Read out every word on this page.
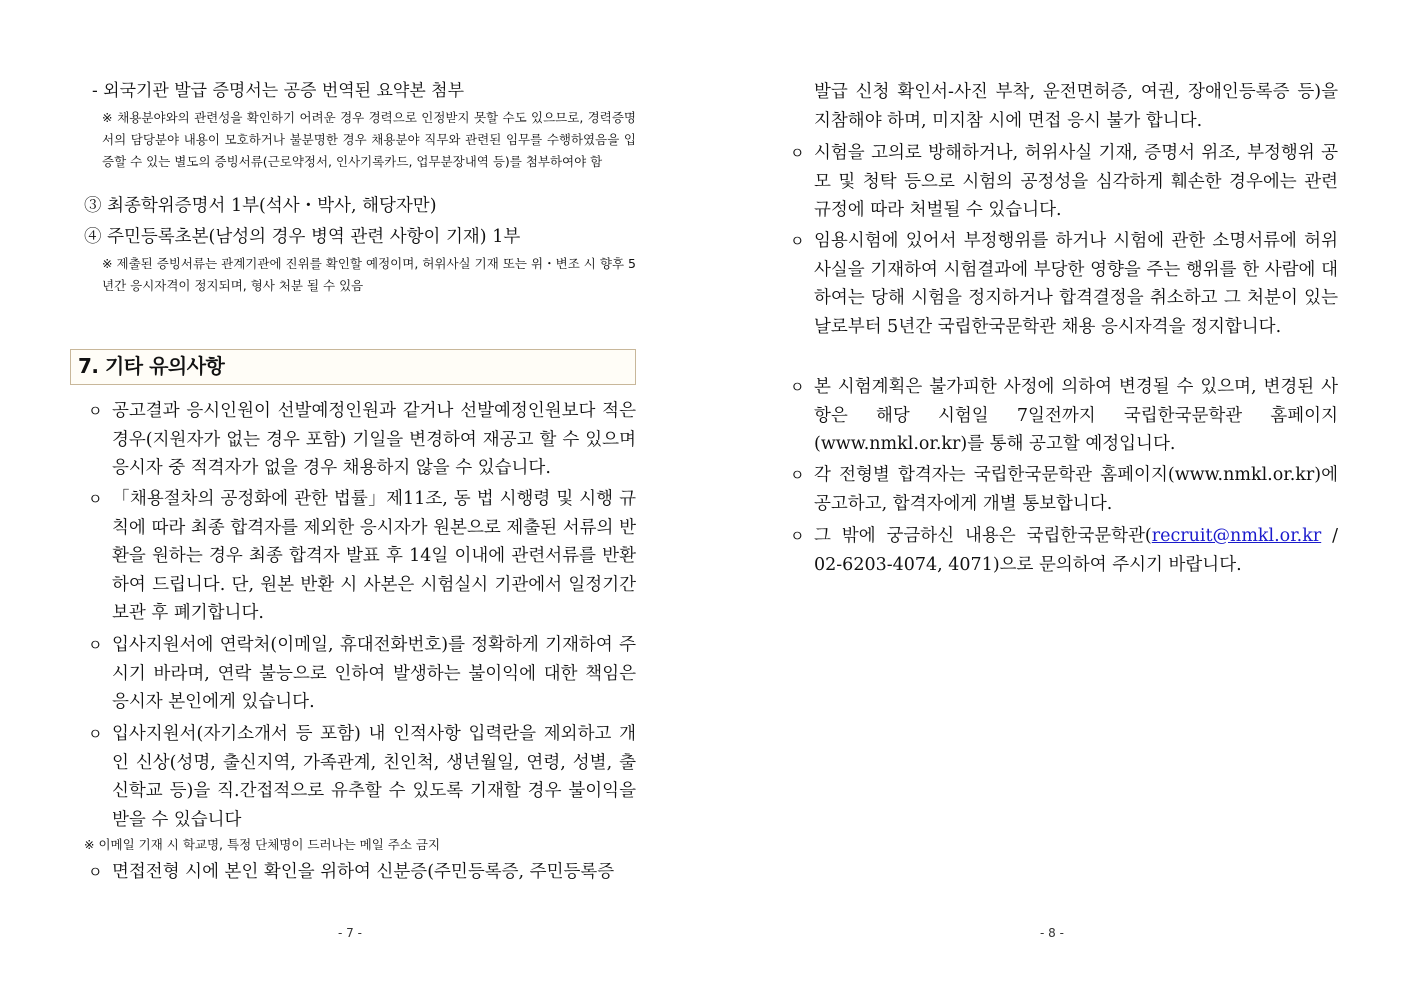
- 외국기관 발급 증명서는 공증 번역된 요약본 첨부
※ 채용분야와의 관련성을 확인하기 어려운 경우 경력으로 인정받지 못할 수도 있으므로, 경력증명서의 담당분야 내용이 모호하거나 불분명한 경우 채용분야 직무와 관련된 임무를 수행하였음을 입증할 수 있는 별도의 증빙서류(근로약정서, 인사기록카드, 업무분장내역 등)를 첨부하여야 함
③ 최종학위증명서 1부(석사・박사, 해당자만)
④ 주민등록초본(남성의 경우 병역 관련 사항이 기재) 1부
※ 제출된 증빙서류는 관계기관에 진위를 확인할 예정이며, 허위사실 기재 또는 위・변조 시 향후 5년간 응시자격이 정지되며, 형사 처분 될 수 있음
7. 기타 유의사항
ㅇ 공고결과 응시인원이 선발예정인원과 같거나 선발예정인원보다 적은 경우(지원자가 없는 경우 포함) 기일을 변경하여 재공고 할 수 있으며 응시자 중 적격자가 없을 경우 채용하지 않을 수 있습니다.
ㅇ 「채용절차의 공정화에 관한 법률」제11조, 동 법 시행령 및 시행 규칙에 따라 최종 합격자를 제외한 응시자가 원본으로 제출된 서류의 반환을 원하는 경우 최종 합격자 발표 후 14일 이내에 관련서류를 반환하여 드립니다. 단, 원본 반환 시 사본은 시험실시 기관에서 일정기간 보관 후 폐기합니다.
ㅇ 입사지원서에 연락처(이메일, 휴대전화번호)를 정확하게 기재하여 주시기 바라며, 연락 불능으로 인하여 발생하는 불이익에 대한 책임은 응시자 본인에게 있습니다.
ㅇ 입사지원서(자기소개서 등 포함) 내 인적사항 입력란을 제외하고 개인 신상(성명, 출신지역, 가족관계, 친인척, 생년월일, 연령, 성별, 출신학교 등)을 직.간접적으로 유추할 수 있도록 기재할 경우 불이익을 받을 수 있습니다
※ 이메일 기재 시 학교명, 특정 단체명이 드러나는 메일 주소 금지
ㅇ 면접전형 시에 본인 확인을 위하여 신분증(주민등록증, 주민등록증
- 7 -
발급 신청 확인서-사진 부착, 운전면허증, 여권, 장애인등록증 등)을 지참해야 하며, 미지참 시에 면접 응시 불가 합니다.
ㅇ 시험을 고의로 방해하거나, 허위사실 기재, 증명서 위조, 부정행위 공모 및 청탁 등으로 시험의 공정성을 심각하게 훼손한 경우에는 관련 규정에 따라 처벌될 수 있습니다.
ㅇ 임용시험에 있어서 부정행위를 하거나 시험에 관한 소명서류에 허위사실을 기재하여 시험결과에 부당한 영향을 주는 행위를 한 사람에 대하여는 당해 시험을 정지하거나 합격결정을 취소하고 그 처분이 있는 날로부터 5년간 국립한국문학관 채용 응시자격을 정지합니다.
ㅇ 본 시험계획은 불가피한 사정에 의하여 변경될 수 있으며, 변경된 사항은 해당 시험일 7일전까지 국립한국문학관 홈페이지 (www.nmkl.or.kr)를 통해 공고할 예정입니다.
ㅇ 각 전형별 합격자는 국립한국문학관 홈페이지(www.nmkl.or.kr)에 공고하고, 합격자에게 개별 통보합니다.
ㅇ 그 밖에 궁금하신 내용은 국립한국문학관(recruit@nmkl.or.kr / 02-6203-4074, 4071)으로 문의하여 주시기 바랍니다.
- 8 -
